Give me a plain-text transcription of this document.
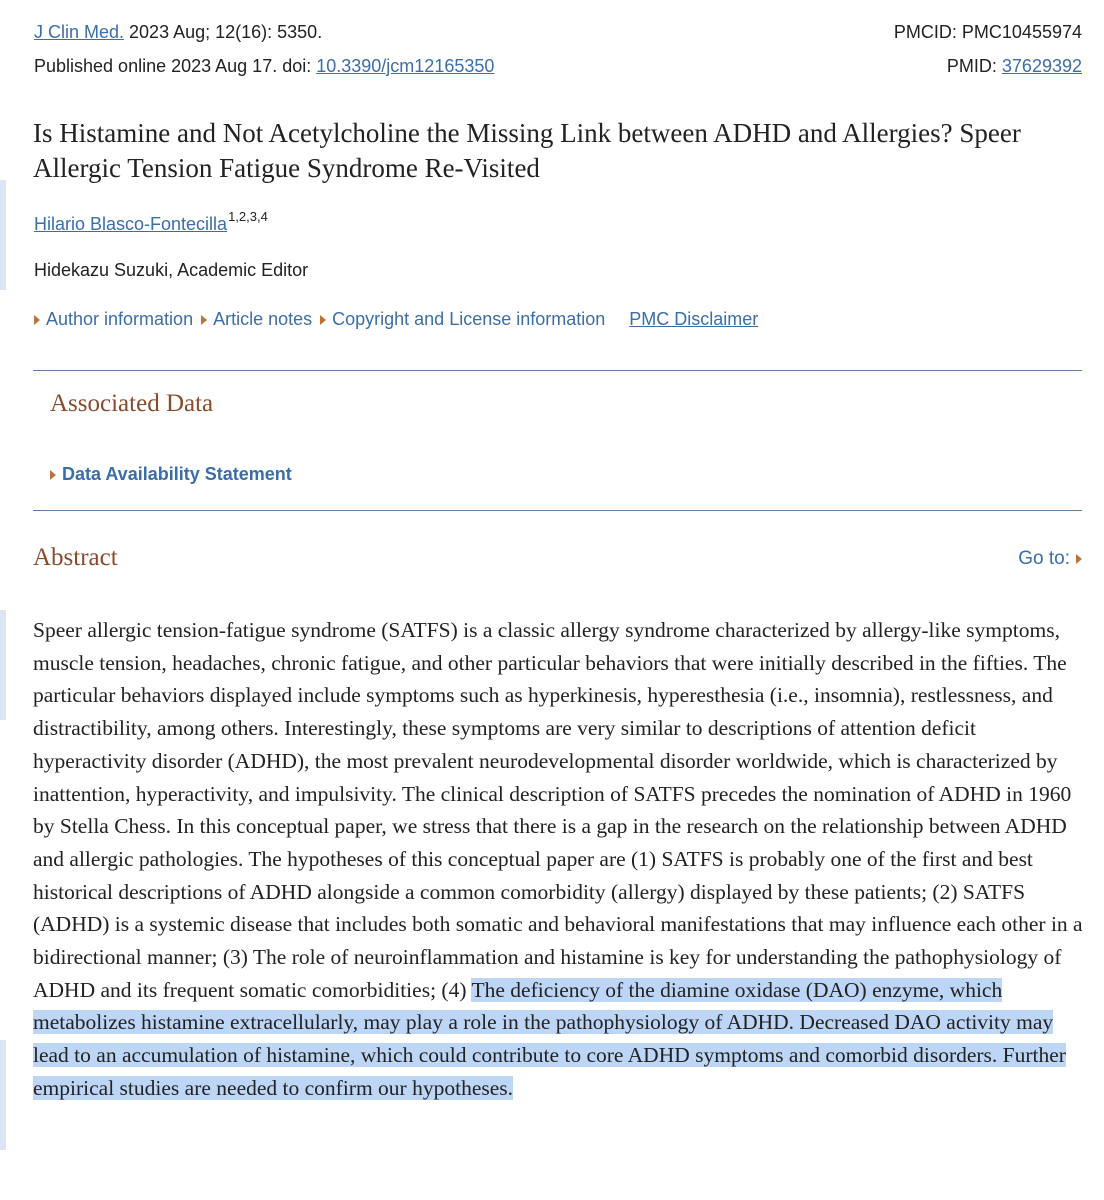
J Clin Med. 2023 Aug; 12(16): 5350.	PMCID: PMC10455974
Published online 2023 Aug 17. doi: 10.3390/jcm12165350	PMID: 37629392
Is Histamine and Not Acetylcholine the Missing Link between ADHD and Allergies? Speer Allergic Tension Fatigue Syndrome Re-Visited
Hilario Blasco-Fontecilla$^{1,2,3,4}$
Hidekazu Suzuki, Academic Editor
Author information Article notes Copyright and License information PMC Disclaimer
Associated Data
Data Availability Statement
Abstract	Go to:
Speer allergic tension-fatigue syndrome (SATFS) is a classic allergy syndrome characterized by allergy-like symptoms, muscle tension, headaches, chronic fatigue, and other particular behaviors that were initially described in the fifties. The particular behaviors displayed include symptoms such as hyperkinesis, hyperesthesia (i.e., insomnia), restlessness, and distractibility, among others. Interestingly, these symptoms are very similar to descriptions of attention deficit hyperactivity disorder (ADHD), the most prevalent neurodevelopmental disorder worldwide, which is characterized by inattention, hyperactivity, and impulsivity. The clinical description of SATFS precedes the nomination of ADHD in 1960 by Stella Chess. In this conceptual paper, we stress that there is a gap in the research on the relationship between ADHD and allergic pathologies. The hypotheses of this conceptual paper are (1) SATFS is probably one of the first and best historical descriptions of ADHD alongside a common comorbidity (allergy) displayed by these patients; (2) SATFS (ADHD) is a systemic disease that includes both somatic and behavioral manifestations that may influence each other in a bidirectional manner; (3) The role of neuroinflammation and histamine is key for understanding the pathophysiology of ADHD and its frequent somatic comorbidities; (4) The deficiency of the diamine oxidase (DAO) enzyme, which metabolizes histamine extracellularly, may play a role in the pathophysiology of ADHD. Decreased DAO activity may lead to an accumulation of histamine, which could contribute to core ADHD symptoms and comorbid disorders. Further empirical studies are needed to confirm our hypotheses.
